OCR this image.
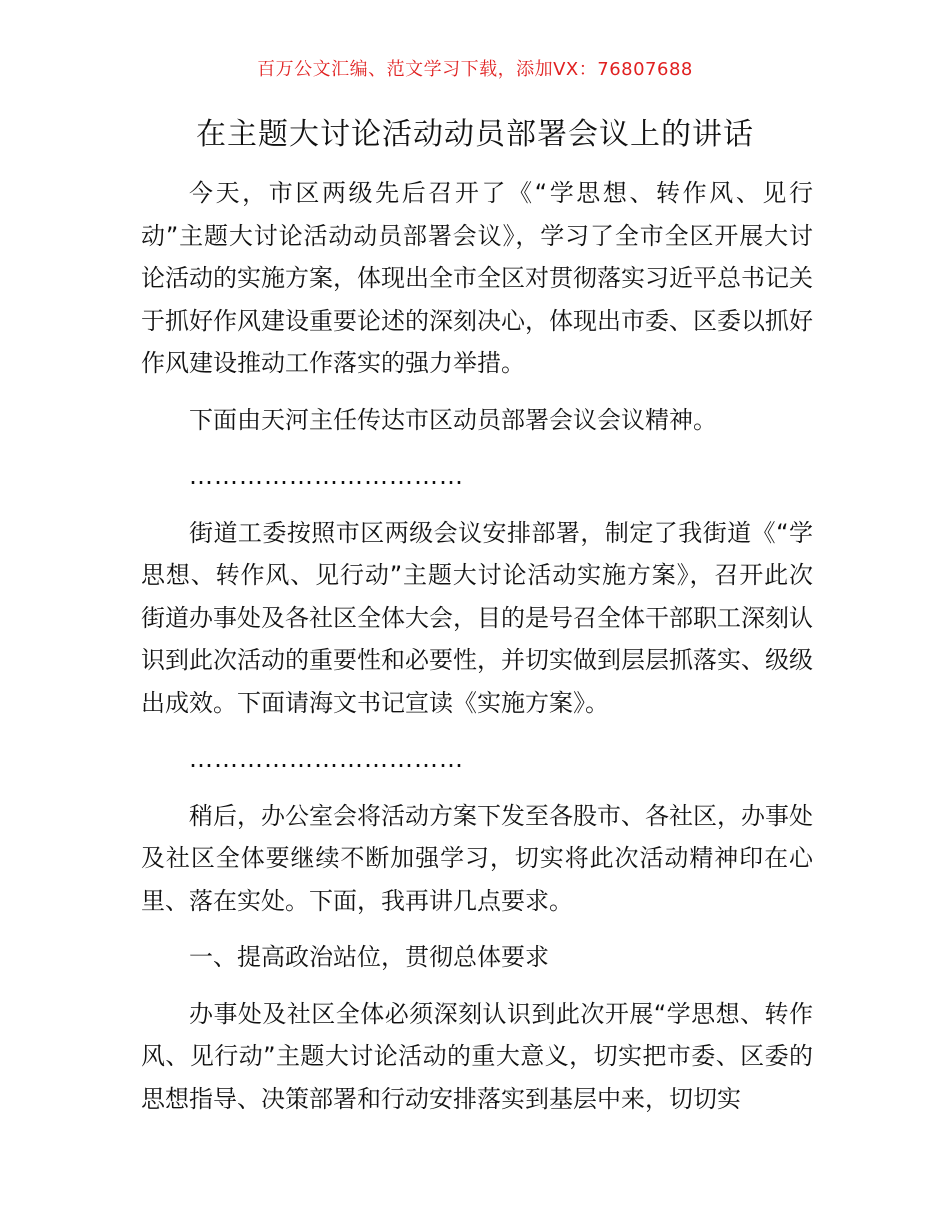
百万公文汇编、范文学习下载，添加VX：76807688
在主题大讨论活动动员部署会议上的讲话

今天，市区两级先后召开了《“学思想、转作风、见行动”主题大讨论活动动员部署会议》，学习了全市全区开展大讨论活动的实施方案，体现出全市全区对贯彻落实习近平总书记关于抓好作风建设重要论述的深刻决心，体现出市委、区委以抓好作风建设推动工作落实的强力举措。

下面由天河主任传达市区动员部署会议会议精神。

……………………………

街道工委按照市区两级会议安排部署，制定了我街道《“学思想、转作风、见行动”主题大讨论活动实施方案》，召开此次街道办事处及各社区全体大会，目的是号召全体干部职工深刻认识到此次活动的重要性和必要性，并切实做到层层抓落实、级级出成效。下面请海文书记宣读《实施方案》。

……………………………

稍后，办公室会将活动方案下发至各股市、各社区，办事处及社区全体要继续不断加强学习，切实将此次活动精神印在心里、落在实处。下面，我再讲几点要求。

一、提高政治站位，贯彻总体要求

办事处及社区全体必须深刻认识到此次开展“学思想、转作风、见行动”主题大讨论活动的重大意义，切实把市委、区委的思想指导、决策部署和行动安排落实到基层中来，切切实
